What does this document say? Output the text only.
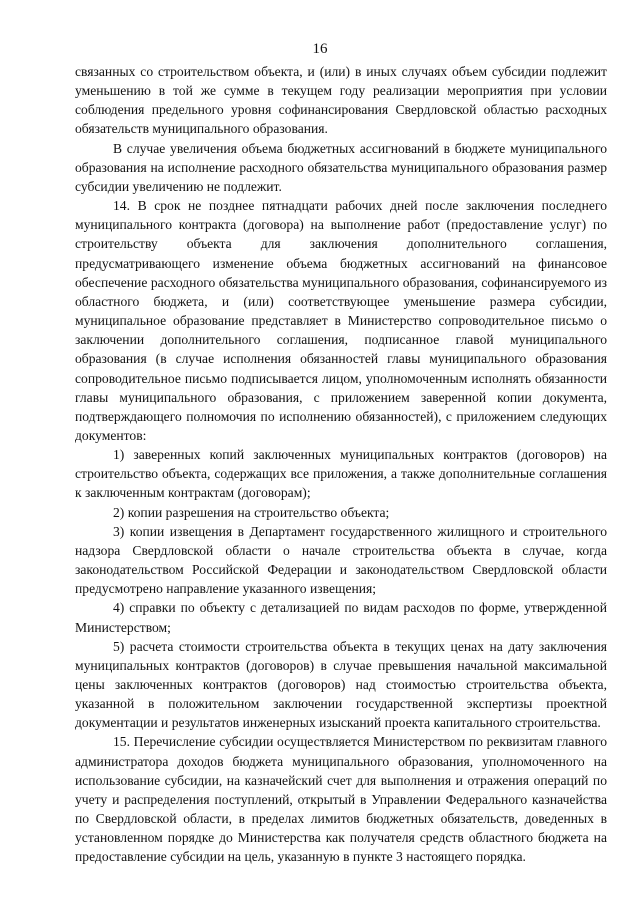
16

связанных со строительством объекта, и (или) в иных случаях объем субсидии подлежит уменьшению в той же сумме в текущем году реализации мероприятия при условии соблюдения предельного уровня софинансирования Свердловской областью расходных обязательств муниципального образования.

В случае увеличения объема бюджетных ассигнований в бюджете муниципального образования на исполнение расходного обязательства муниципального образования размер субсидии увеличению не подлежит.

14. В срок не позднее пятнадцати рабочих дней после заключения последнего муниципального контракта (договора) на выполнение работ (предоставление услуг) по строительству объекта для заключения дополнительного соглашения, предусматривающего изменение объема бюджетных ассигнований на финансовое обеспечение расходного обязательства муниципального образования, софинансируемого из областного бюджета, и (или) соответствующее уменьшение размера субсидии, муниципальное образование представляет в Министерство сопроводительное письмо о заключении дополнительного соглашения, подписанное главой муниципального образования (в случае исполнения обязанностей главы муниципального образования сопроводительное письмо подписывается лицом, уполномоченным исполнять обязанности главы муниципального образования, с приложением заверенной копии документа, подтверждающего полномочия по исполнению обязанностей), с приложением следующих документов:

1) заверенных копий заключенных муниципальных контрактов (договоров) на строительство объекта, содержащих все приложения, а также дополнительные соглашения к заключенным контрактам (договорам);

2) копии разрешения на строительство объекта;

3) копии извещения в Департамент государственного жилищного и строительного надзора Свердловской области о начале строительства объекта в случае, когда законодательством Российской Федерации и законодательством Свердловской области предусмотрено направление указанного извещения;

4) справки по объекту с детализацией по видам расходов по форме, утвержденной Министерством;

5) расчета стоимости строительства объекта в текущих ценах на дату заключения муниципальных контрактов (договоров) в случае превышения начальной максимальной цены заключенных контрактов (договоров) над стоимостью строительства объекта, указанной в положительном заключении государственной экспертизы проектной документации и результатов инженерных изысканий проекта капитального строительства.

15. Перечисление субсидии осуществляется Министерством по реквизитам главного администратора доходов бюджета муниципального образования, уполномоченного на использование субсидии, на казначейский счет для выполнения и отражения операций по учету и распределения поступлений, открытый в Управлении Федерального казначейства по Свердловской области, в пределах лимитов бюджетных обязательств, доведенных в установленном порядке до Министерства как получателя средств областного бюджета на предоставление субсидии на цель, указанную в пункте 3 настоящего порядка.
